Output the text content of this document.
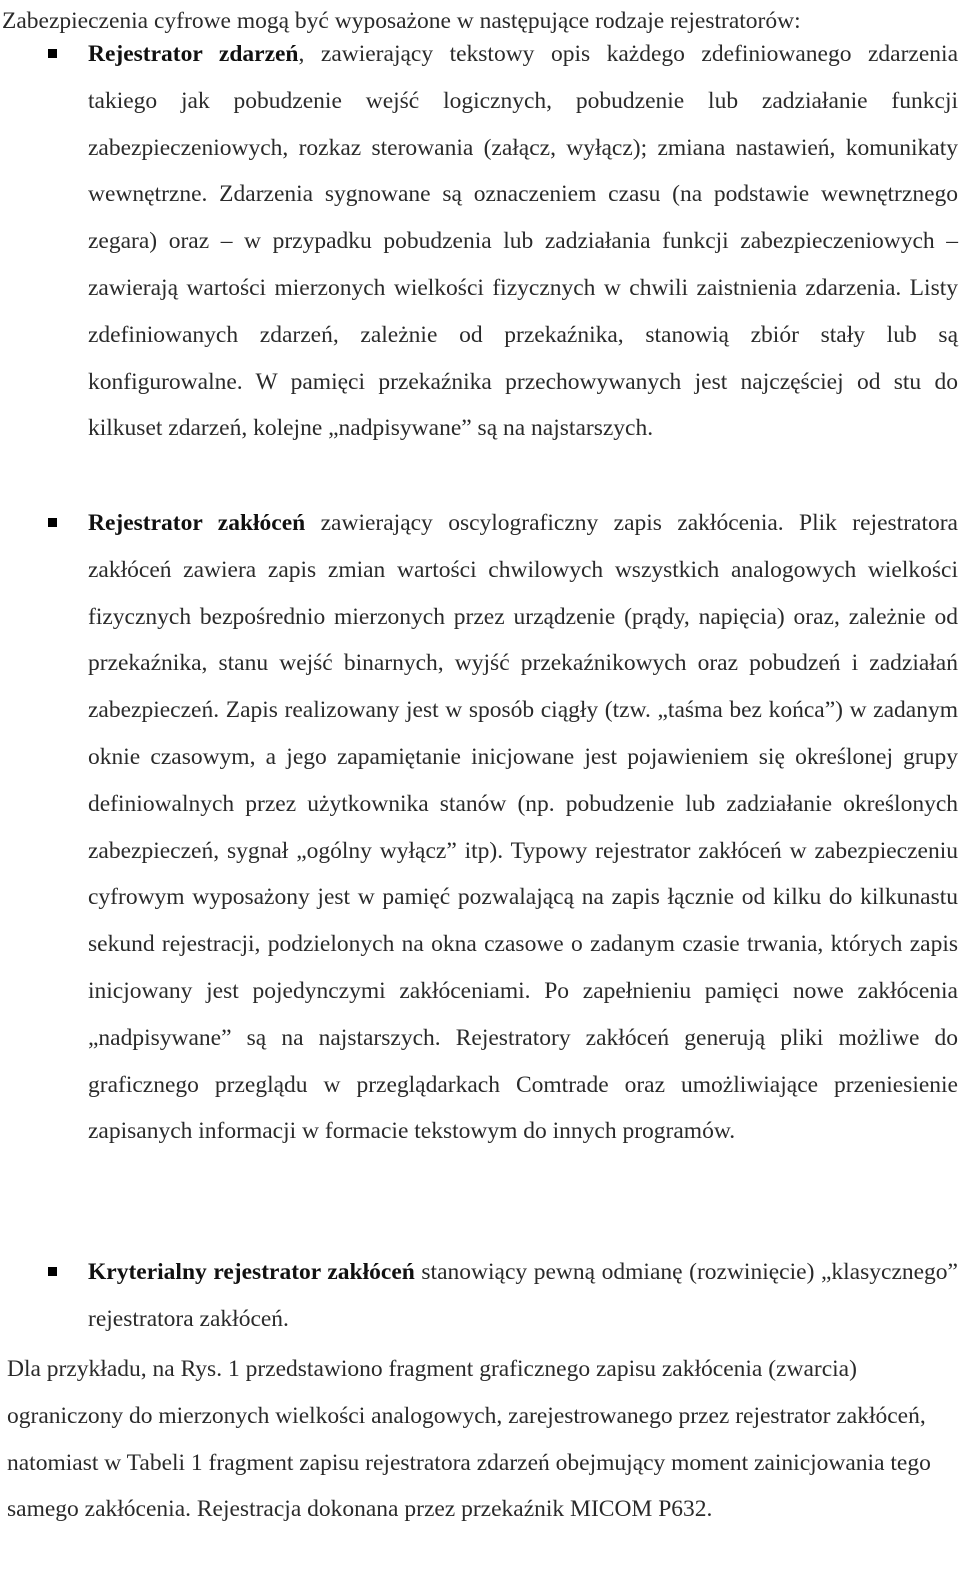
Zabezpieczenia cyfrowe mogą być wyposażone w następujące rodzaje rejestratorów:

Rejestrator zdarzeń, zawierający tekstowy opis każdego zdefiniowanego zdarzenia takiego jak pobudzenie wejść logicznych, pobudzenie lub zadziałanie funkcji zabezpieczeniowych, rozkaz sterowania (załącz, wyłącz); zmiana nastawień, komunikaty wewnętrzne. Zdarzenia sygnowane są oznaczeniem czasu (na podstawie wewnętrznego zegara) oraz – w przypadku pobudzenia lub zadziałania funkcji zabezpieczeniowych – zawierają wartości mierzonych wielkości fizycznych w chwili zaistnienia zdarzenia. Listy zdefiniowanych zdarzeń, zależnie od przekaźnika, stanowią zbiór stały lub są konfigurowalne. W pamięci przekaźnika przechowywanych jest najczęściej od stu do kilkuset zdarzeń, kolejne „nadpisywane” są na najstarszych.

Rejestrator zakłóceń zawierający oscylograficzny zapis zakłócenia. Plik rejestratora zakłóceń zawiera zapis zmian wartości chwilowych wszystkich analogowych wielkości fizycznych bezpośrednio mierzonych przez urządzenie (prądy, napięcia) oraz, zależnie od przekaźnika, stanu wejść binarnych, wyjść przekaźnikowych oraz pobudzeń i zadziałań zabezpieczeń. Zapis realizowany jest w sposób ciągły (tzw. „taśma bez końca”) w zadanym oknie czasowym, a jego zapamiętanie inicjowane jest pojawieniem się określonej grupy definiowalnych przez użytkownika stanów (np. pobudzenie lub zadziałanie określonych zabezpieczeń, sygnał „ogólny wyłącz” itp). Typowy rejestrator zakłóceń w zabezpieczeniu cyfrowym wyposażony jest w pamięć pozwalającą na zapis łącznie od kilku do kilkunastu sekund rejestracji, podzielonych na okna czasowe o zadanym czasie trwania, których zapis inicjowany jest pojedynczymi zakłóceniami. Po zapełnieniu pamięci nowe zakłócenia „nadpisywane” są na najstarszych. Rejestratory zakłóceń generują pliki możliwe do graficznego przeglądu w przeglądarkach Comtrade oraz umożliwiające przeniesienie zapisanych informacji w formacie tekstowym do innych programów.

Kryterialny rejestrator zakłóceń stanowiący pewną odmianę (rozwinięcie) „klasycznego” rejestratora zakłóceń.

Dla przykładu, na Rys. 1 przedstawiono fragment graficznego zapisu zakłócenia (zwarcia) ograniczony do mierzonych wielkości analogowych, zarejestrowanego przez rejestrator zakłóceń, natomiast w Tabeli 1 fragment zapisu rejestratora zdarzeń obejmujący moment zainicjowania tego samego zakłócenia. Rejestracja dokonana przez przekaźnik MICOM P632.
